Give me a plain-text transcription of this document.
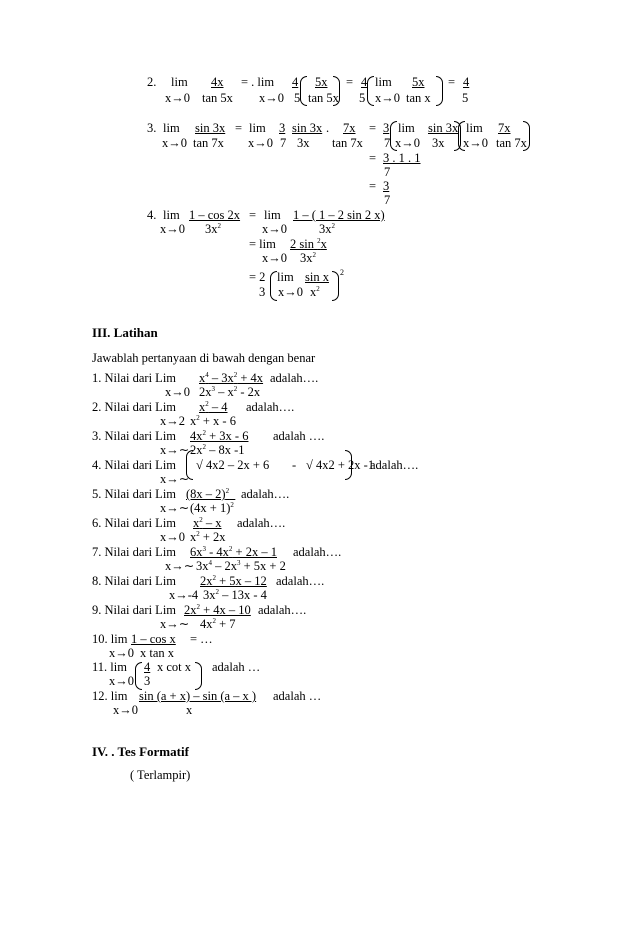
2. lim	4x	= . lim 4	5x	= 4 lim	5x	= 4
x→0 tan 5x x→0 5 tan 5x 5 x→0 tan x	5
3. lim	sin 3x = lim 3 sin 3x .	7x = 3 lim sin 3x lim	7x
x→0 tan 7x x→0 7 3x tan 7x 7 x→0 3x x→0 tan 7x
= 3 . 1 . 1
7
= 3
7
4. lim 1 – cos 2x = lim 1 – ( 1 – 2 sin 2 x)
x→0 $3x^2$	x→0	$3x^2$
= lim 2 sin $^2$x
x→0 $3x^2$
= 2
3
lim sin x
x→0 $x^2$
2
III. Latihan
Jawablah pertanyaan di bawah dengan benar
1. Nilai dari Lim $x^4 - 3x^2 + 4x$ adalah….
x→0 $2x^3 - x^2 - 2x$
2. Nilai dari Lim	$x^2 - 4$	adalah….
x→2 $x^2 + x - 6$
3. Nilai dari Lim $4x^2 + 3x - 6$ adalah ….
x→∼ $2x^2 - 8x$ -1
4. Nilai dari Lim √ 4x2 – 2x + 6 - √ 4x2 + 2x -1
adalah….
x→∼
5. Nilai dari Lim (8x – 2)$^2$ adalah….
x→∼ $(4x + 1)^2$
6. Nilai dari Lim $x^2$ – x adalah….
x→0 $x^2 + 2x$
7. Nilai dari Lim $6x^3 - 4x^2 + 2x - 1$ adalah….
x→∼ $3x^4 - 2x^3 + 5x + 2$
8. Nilai dari Lim $2x^2 + 5x - 12$ adalah….
x→-4 $3x^2 - 13x - 4$
9. Nilai dari Lim $2x^2 + 4x - 10$ adalah….
x→∼ $4x^2 + 7$
10. lim 1 – cos x = …
x→0 x tan x
11. lim 4 x cot x adalah …
x→0 3
12. lim sin (a + x) – sin (a – x ) adalah …
x→0	x
IV. . Tes Formatif
( Terlampir)
